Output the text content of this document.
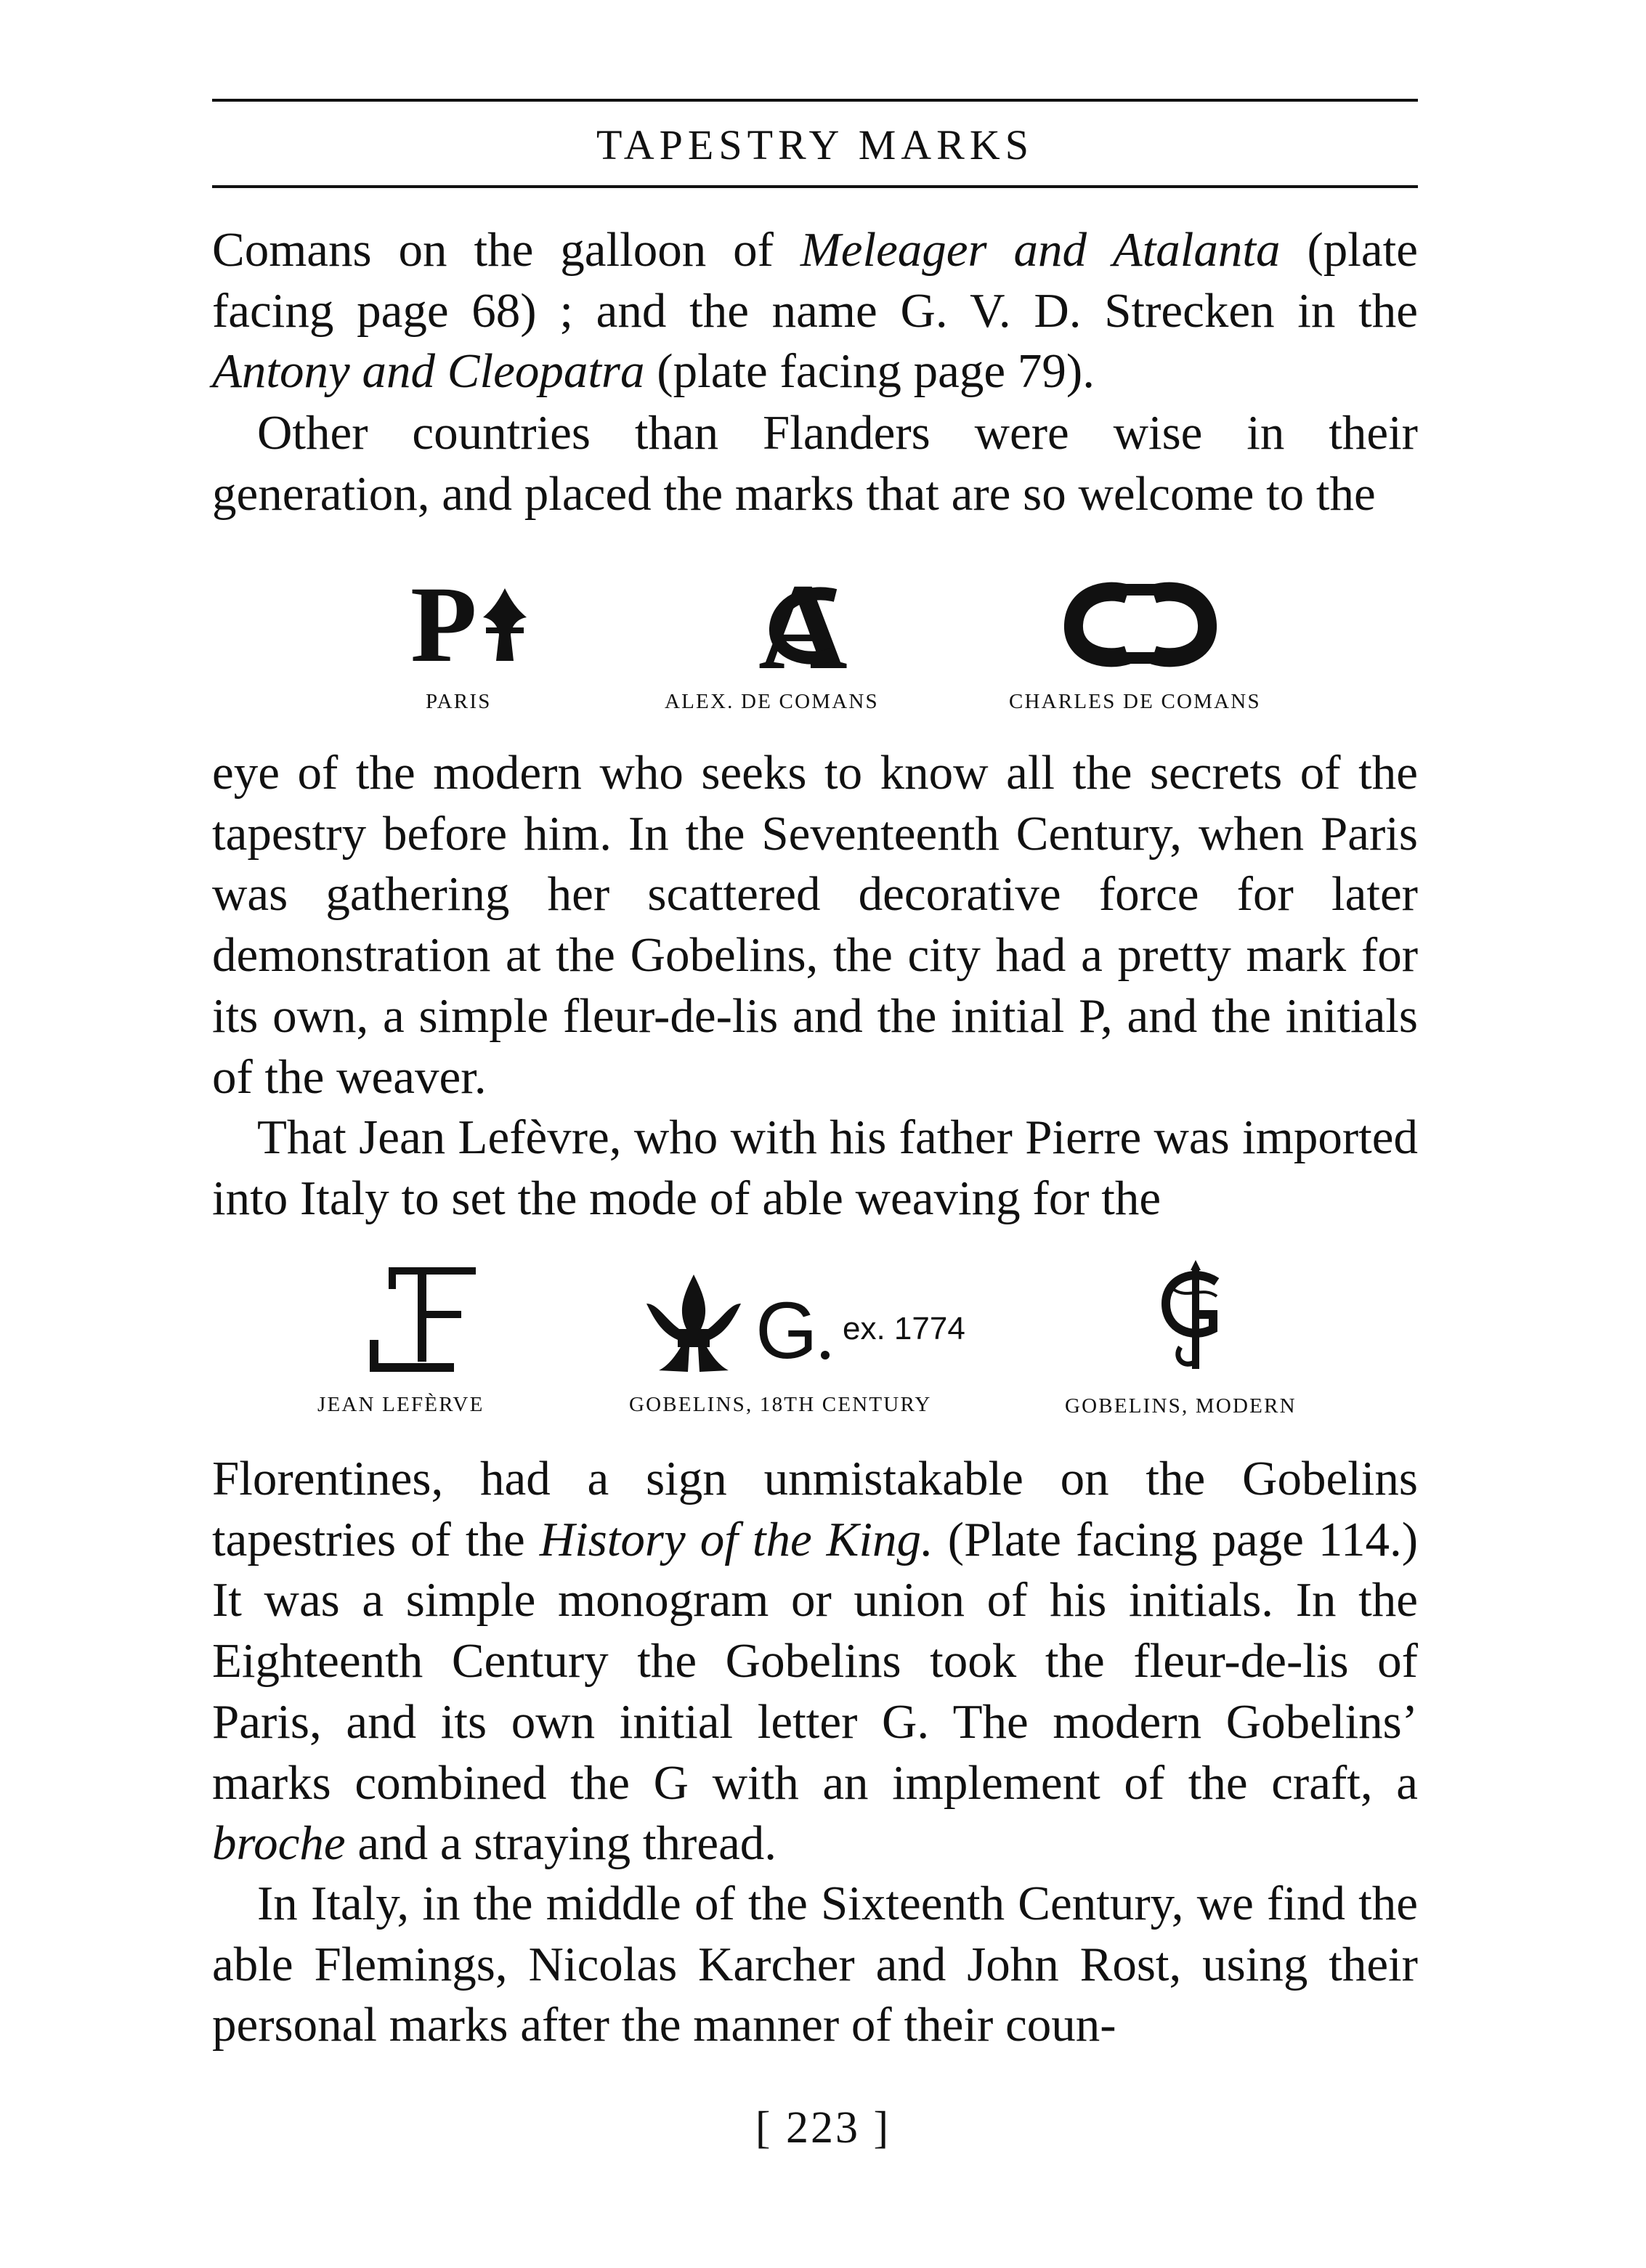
TAPESTRY MARKS
Comans on the galloon of Meleager and Atalanta (plate facing page 68) ; and the name G. V. D. Strecken in the Antony and Cleopatra (plate facing page 79).
Other countries than Flanders were wise in their generation, and placed the marks that are so welcome to the
P
PARIS
A
ALEX. DE COMANS	CHARLES DE COMANS
eye of the modern who seeks to know all the secrets of the tapestry before him. In the Seventeenth Century, when Paris was gathering her scattered decorative force for later demonstration at the Gobelins, the city had a pretty mark for its own, a simple fleur-de-lis and the initial P, and the initials of the weaver.
That Jean Lefèvre, who with his father Pierre was imported into Italy to set the mode of able weaving for the
JEAN LEFÈRVE
G ex. 1774
GOBELINS, 18TH CENTURY	GOBELINS, MODERN
Florentines, had a sign unmistakable on the Gobelins tapestries of the History of the King. (Plate facing page 114.) It was a simple monogram or union of his initials. In the Eighteenth Century the Gobelins took the fleur-de-lis of Paris, and its own initial letter G. The modern Gobelins’ marks combined the G with an implement of the craft, a broche and a straying thread.
In Italy, in the middle of the Sixteenth Century, we find the able Flemings, Nicolas Karcher and John Rost, using their personal marks after the manner of their coun-
[ 223 ]
